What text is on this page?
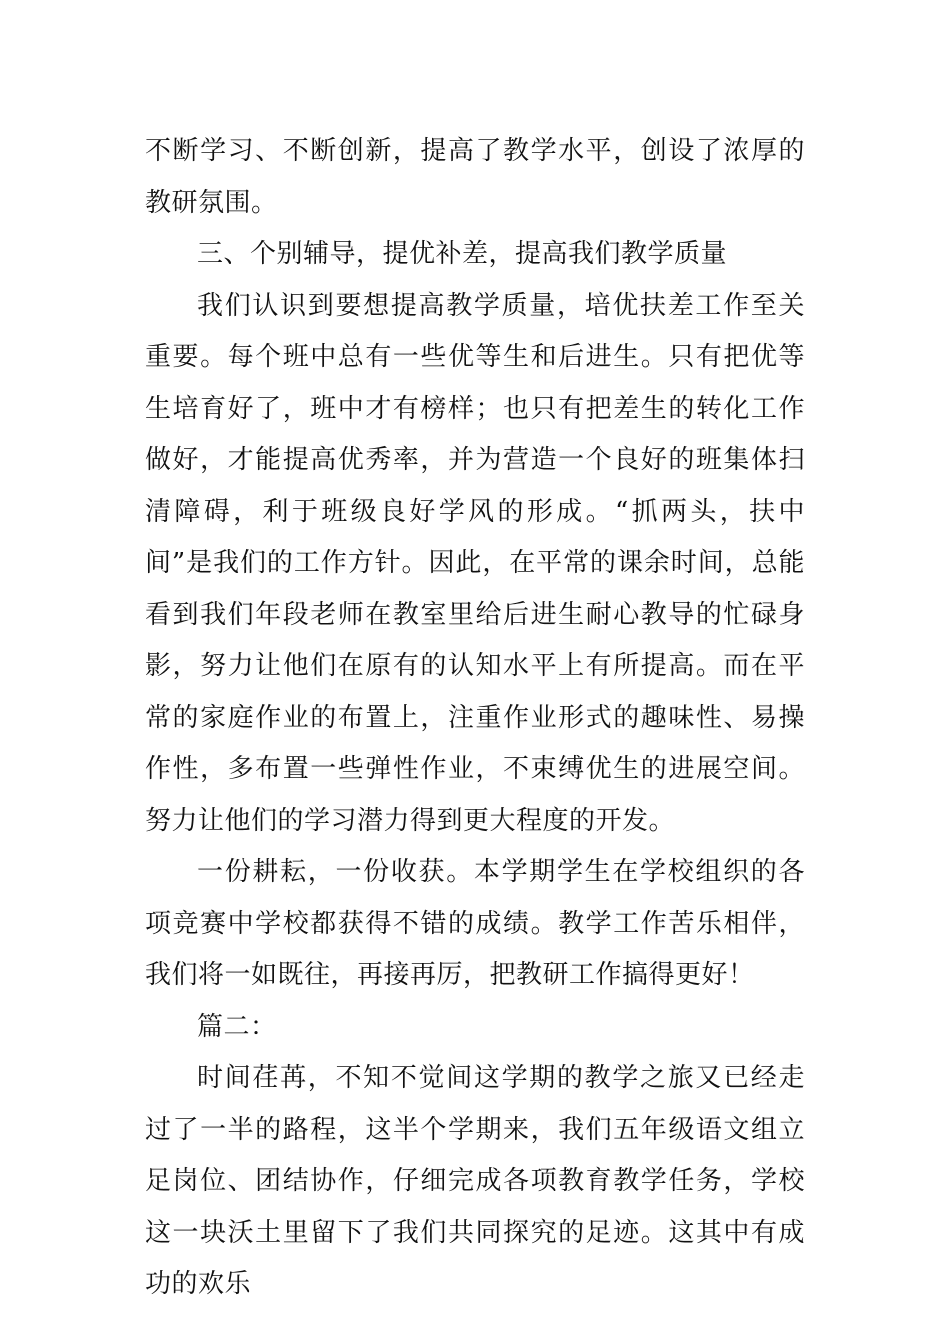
不断学习、不断创新，提高了教学水平，创设了浓厚的教研氛围。

三、个别辅导，提优补差，提高我们教学质量

我们认识到要想提高教学质量，培优扶差工作至关重要。每个班中总有一些优等生和后进生。只有把优等生培育好了，班中才有榜样；也只有把差生的转化工作做好，才能提高优秀率，并为营造一个良好的班集体扫清障碍，利于班级良好学风的形成。“抓两头，扶中间”是我们的工作方针。因此，在平常的课余时间，总能看到我们年段老师在教室里给后进生耐心教导的忙碌身影，努力让他们在原有的认知水平上有所提高。而在平常的家庭作业的布置上，注重作业形式的趣味性、易操作性，多布置一些弹性作业，不束缚优生的进展空间。努力让他们的学习潜力得到更大程度的开发。

一份耕耘，一份收获。本学期学生在学校组织的各项竞赛中学校都获得不错的成绩。教学工作苦乐相伴，我们将一如既往，再接再厉，把教研工作搞得更好！

篇二：

时间荏苒，不知不觉间这学期的教学之旅又已经走过了一半的路程，这半个学期来，我们五年级语文组立足岗位、团结协作，仔细完成各项教育教学任务，学校这一块沃土里留下了我们共同探究的足迹。这其中有成功的欢乐
